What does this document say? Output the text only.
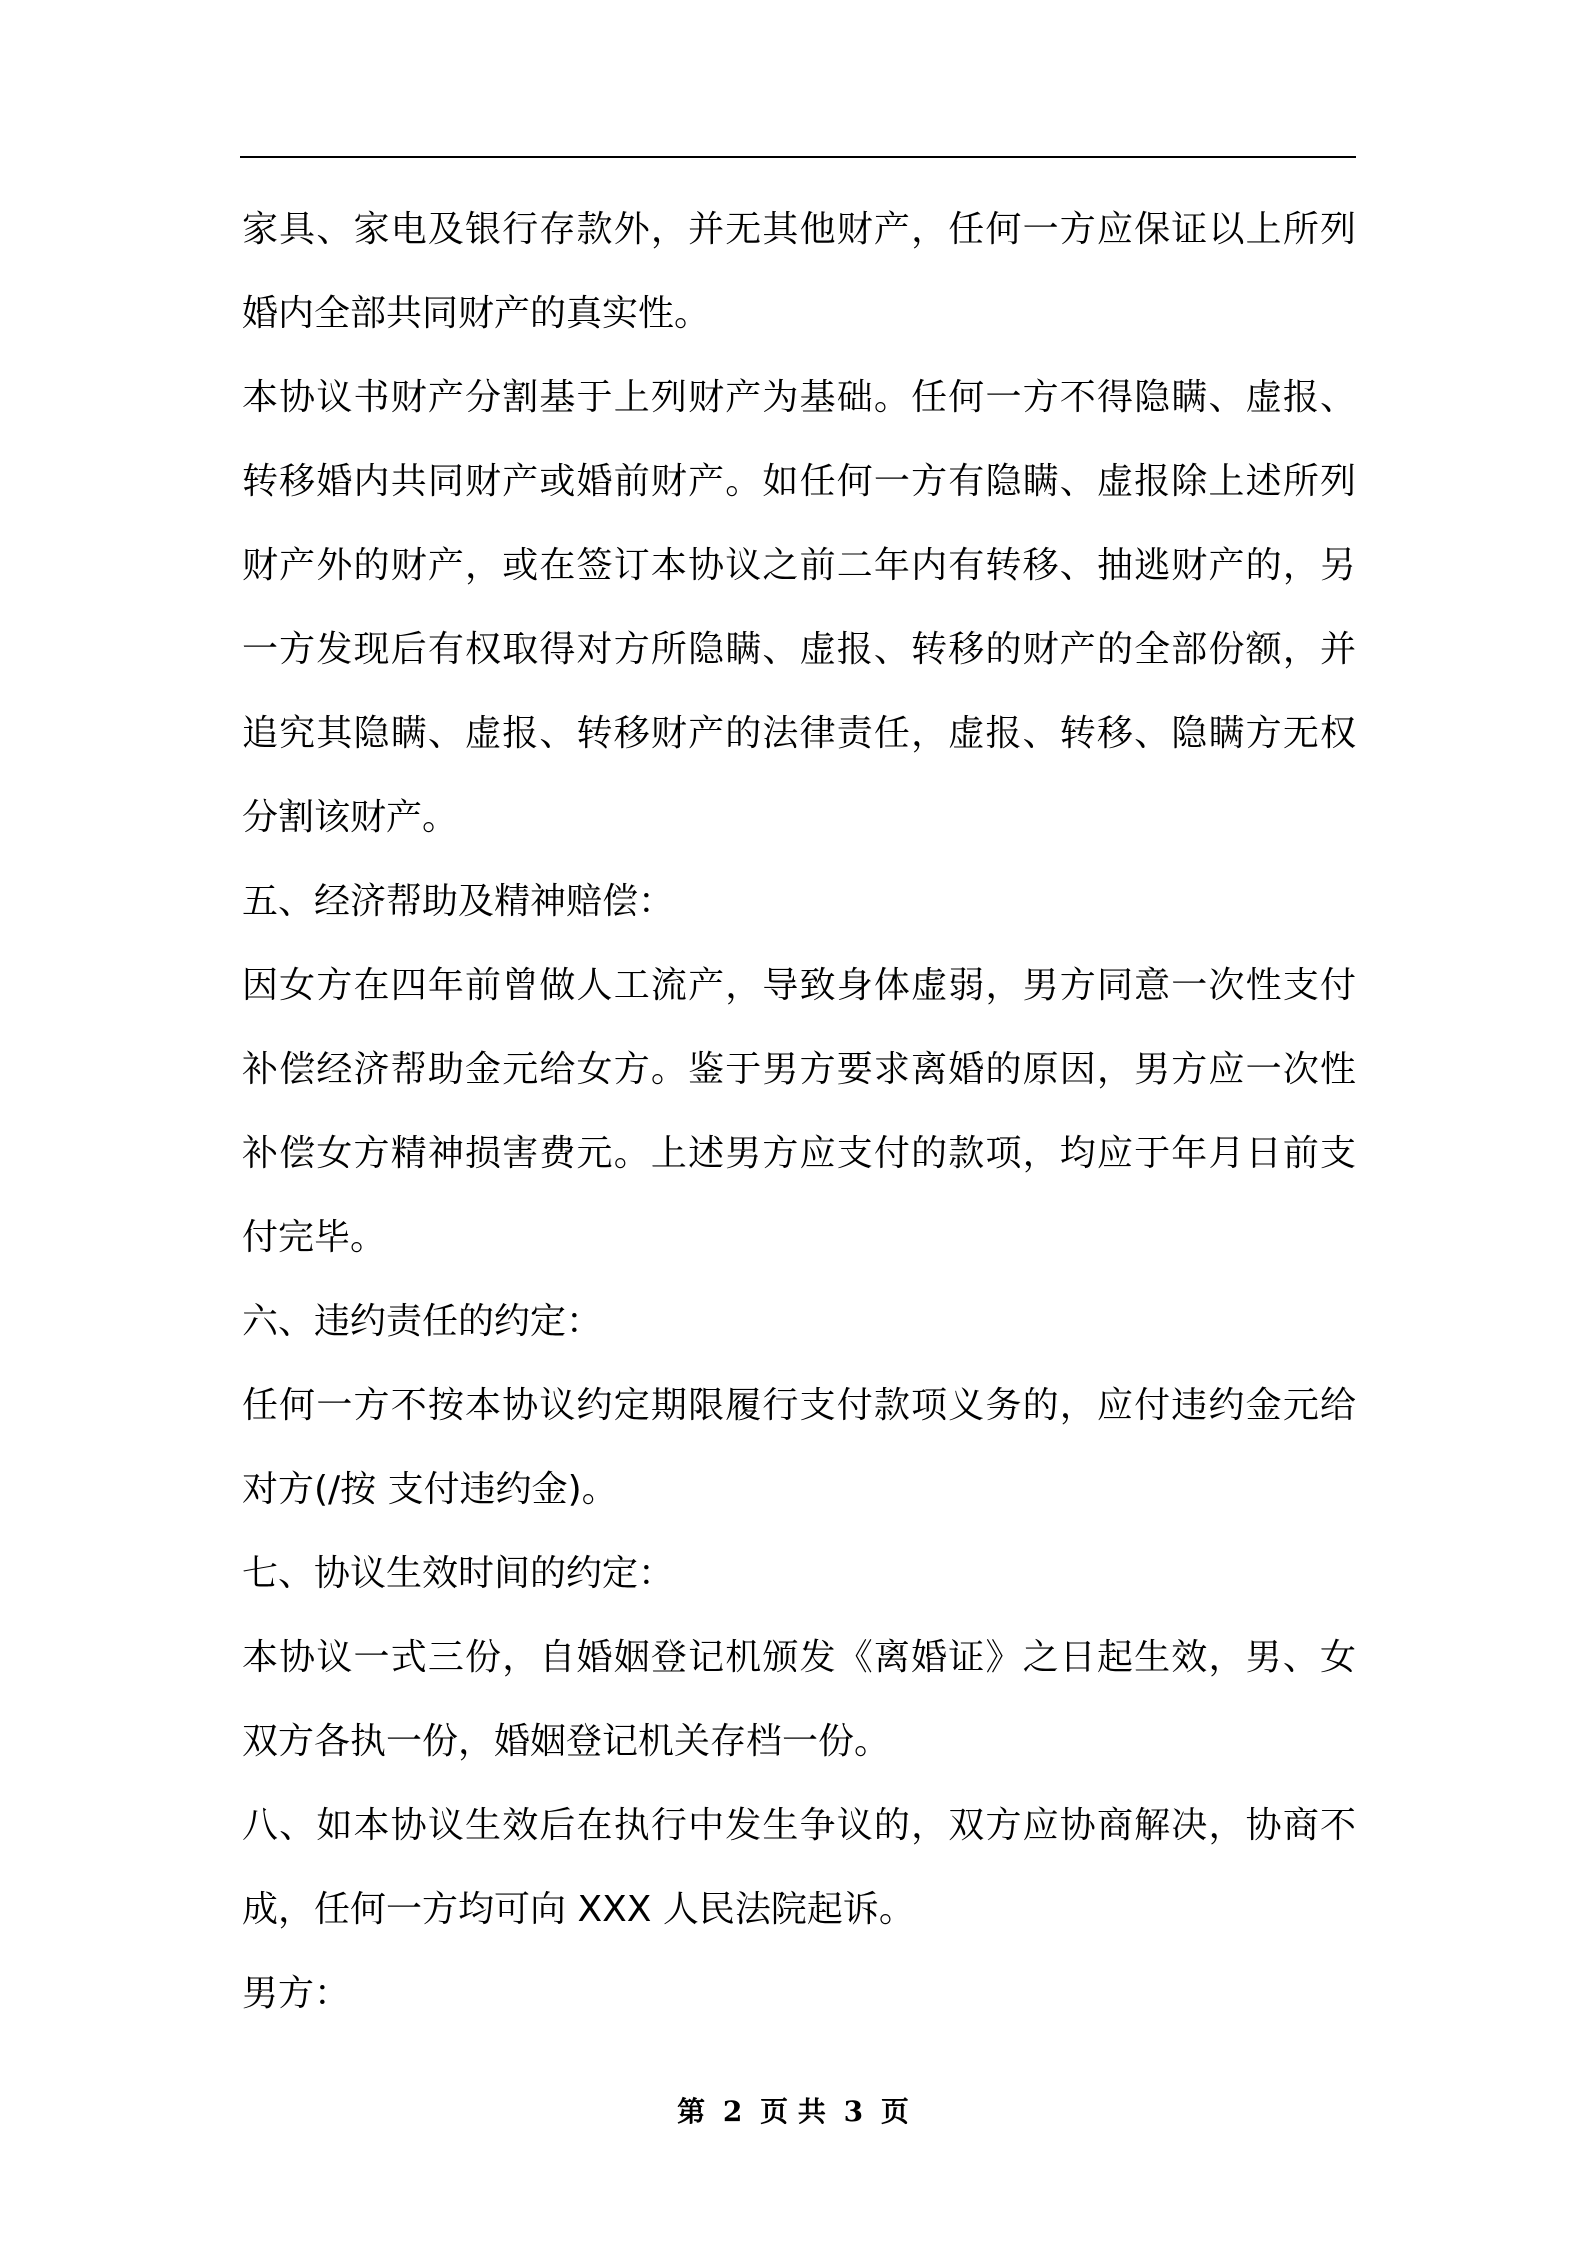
家具、家电及银行存款外，并无其他财产，任何一方应保证以上所列
婚内全部共同财产的真实性。
本协议书财产分割基于上列财产为基础。任何一方不得隐瞒、虚报、
转移婚内共同财产或婚前财产。如任何一方有隐瞒、虚报除上述所列
财产外的财产，或在签订本协议之前二年内有转移、抽逃财产的，另
一方发现后有权取得对方所隐瞒、虚报、转移的财产的全部份额，并
追究其隐瞒、虚报、转移财产的法律责任，虚报、转移、隐瞒方无权
分割该财产。
五、经济帮助及精神赔偿：
因女方在四年前曾做人工流产，导致身体虚弱，男方同意一次性支付
补偿经济帮助金元给女方。鉴于男方要求离婚的原因，男方应一次性
补偿女方精神损害费元。上述男方应支付的款项，均应于年月日前支
付完毕。
六、违约责任的约定：
任何一方不按本协议约定期限履行支付款项义务的，应付违约金元给
对方(/按 支付违约金)。
七、协议生效时间的约定：
本协议一式三份，自婚姻登记机颁发《离婚证》之日起生效，男、女
双方各执一份，婚姻登记机关存档一份。
八、如本协议生效后在执行中发生争议的，双方应协商解决，协商不
成，任何一方均可向 XXX 人民法院起诉。
男方：
第 2 页 共 3 页
